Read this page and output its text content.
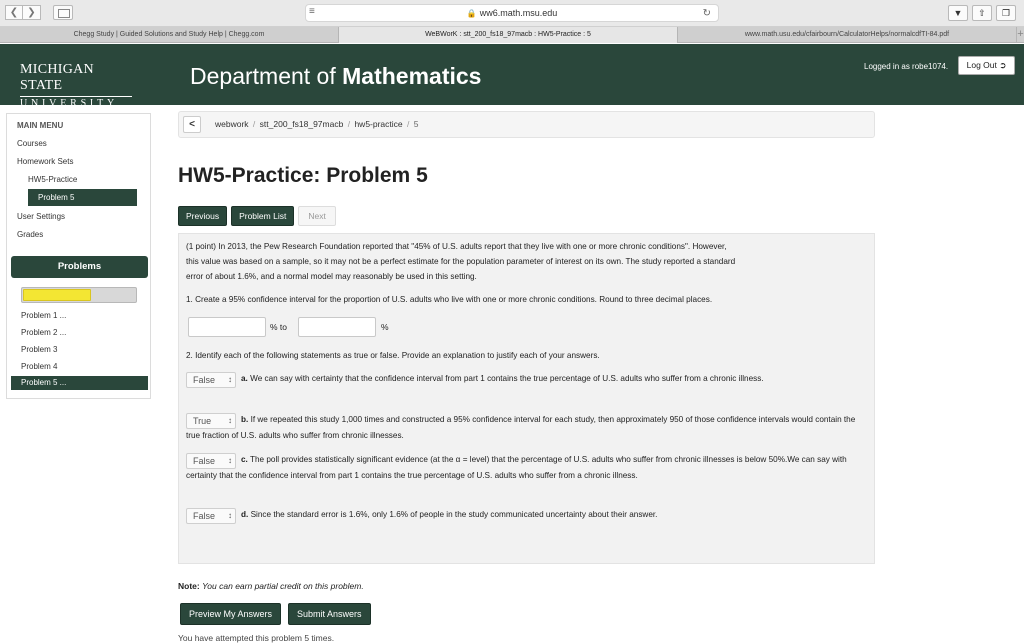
❮ ❯	🔒 ww6.math.msu.edu	↻
≡	▼	⇧	❐
Chegg Study | Guided Solutions and Study Help | Chegg.com	WeBWorK : stt_200_fs18_97macb : HW5-Practice : 5	www.math.usu.edu/cfairbourn/CalculatorHelps/normalcdfTI-84.pdf	+
MICHIGAN STATE
UNIVERSITY
Department of Mathematics	Logged in as robe1074.	Log Out ➲
MAIN MENU
Courses
Homework Sets
HW5-Practice
Problem 5
User Settings
Grades
Problems
Problem 1 ...
Problem 2 ...
Problem 3
Problem 4
Problem 5 ...
<	webwork / stt_200_fs18_97macb / hw5-practice / 5
HW5-Practice: Problem 5
Previous	Problem List	Next
(1 point) In 2013, the Pew Research Foundation reported that "45% of U.S. adults report that they live with one or more chronic conditions". However,
this value was based on a sample, so it may not be a perfect estimate for the population parameter of interest on its own. The study reported a standard
error of about 1.6%, and a normal model may reasonably be used in this setting.
1. Create a 95% confidence interval for the proportion of U.S. adults who live with one or more chronic conditions. Round to three decimal places.
% to	%
2. Identify each of the following statements as true or false. Provide an explanation to justify each of your answers.
False ↕	a. We can say with certainty that the confidence interval from part 1 contains the true percentage of U.S. adults who suffer from a chronic illness.
True ↕	b. If we repeated this study 1,000 times and constructed a 95% confidence interval for each study, then approximately 950 of those confidence intervals would contain the true fraction of U.S. adults who suffer from chronic illnesses.
False ↕	c. The poll provides statistically significant evidence (at the α = level) that the percentage of U.S. adults who suffer from chronic illnesses is below 50%.We can say with certainty that the confidence interval from part 1 contains the true percentage of U.S. adults who suffer from a chronic illness.
False ↕	d. Since the standard error is 1.6%, only 1.6% of people in the study communicated uncertainty about their answer.
Note: You can earn partial credit on this problem.
Preview My Answers	Submit Answers
You have attempted this problem 5 times.
